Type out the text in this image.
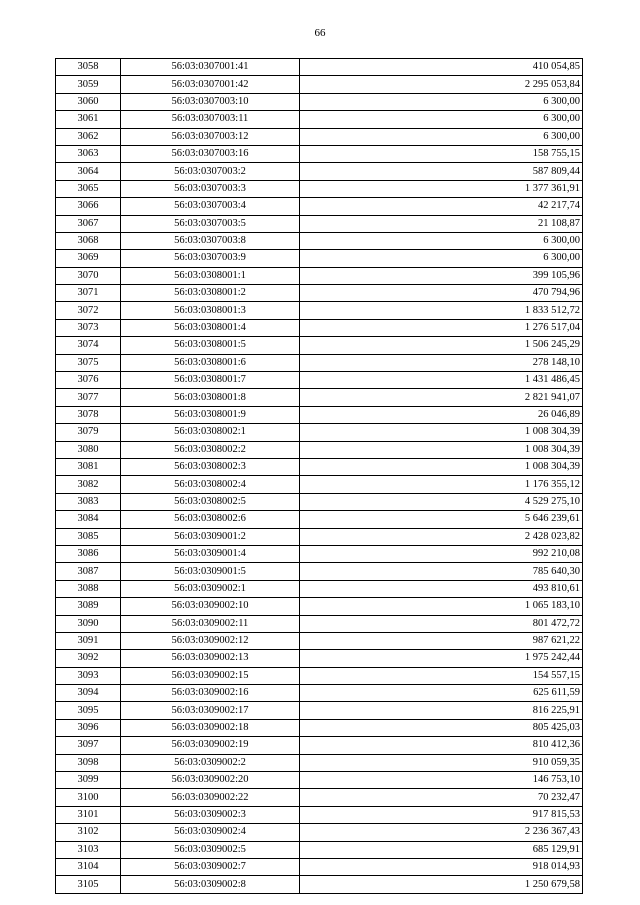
66
3058	56:03:0307001:41	410 054,85
3059	56:03:0307001:42	2 295 053,84
3060	56:03:0307003:10	6 300,00
3061	56:03:0307003:11	6 300,00
3062	56:03:0307003:12	6 300,00
3063	56:03:0307003:16	158 755,15
3064	56:03:0307003:2	587 809,44
3065	56:03:0307003:3	1 377 361,91
3066	56:03:0307003:4	42 217,74
3067	56:03:0307003:5	21 108,87
3068	56:03:0307003:8	6 300,00
3069	56:03:0307003:9	6 300,00
3070	56:03:0308001:1	399 105,96
3071	56:03:0308001:2	470 794,96
3072	56:03:0308001:3	1 833 512,72
3073	56:03:0308001:4	1 276 517,04
3074	56:03:0308001:5	1 506 245,29
3075	56:03:0308001:6	278 148,10
3076	56:03:0308001:7	1 431 486,45
3077	56:03:0308001:8	2 821 941,07
3078	56:03:0308001:9	26 046,89
3079	56:03:0308002:1	1 008 304,39
3080	56:03:0308002:2	1 008 304,39
3081	56:03:0308002:3	1 008 304,39
3082	56:03:0308002:4	1 176 355,12
3083	56:03:0308002:5	4 529 275,10
3084	56:03:0308002:6	5 646 239,61
3085	56:03:0309001:2	2 428 023,82
3086	56:03:0309001:4	992 210,08
3087	56:03:0309001:5	785 640,30
3088	56:03:0309002:1	493 810,61
3089	56:03:0309002:10	1 065 183,10
3090	56:03:0309002:11	801 472,72
3091	56:03:0309002:12	987 621,22
3092	56:03:0309002:13	1 975 242,44
3093	56:03:0309002:15	154 557,15
3094	56:03:0309002:16	625 611,59
3095	56:03:0309002:17	816 225,91
3096	56:03:0309002:18	805 425,03
3097	56:03:0309002:19	810 412,36
3098	56:03:0309002:2	910 059,35
3099	56:03:0309002:20	146 753,10
3100	56:03:0309002:22	70 232,47
3101	56:03:0309002:3	917 815,53
3102	56:03:0309002:4	2 236 367,43
3103	56:03:0309002:5	685 129,91
3104	56:03:0309002:7	918 014,93
3105	56:03:0309002:8	1 250 679,58
